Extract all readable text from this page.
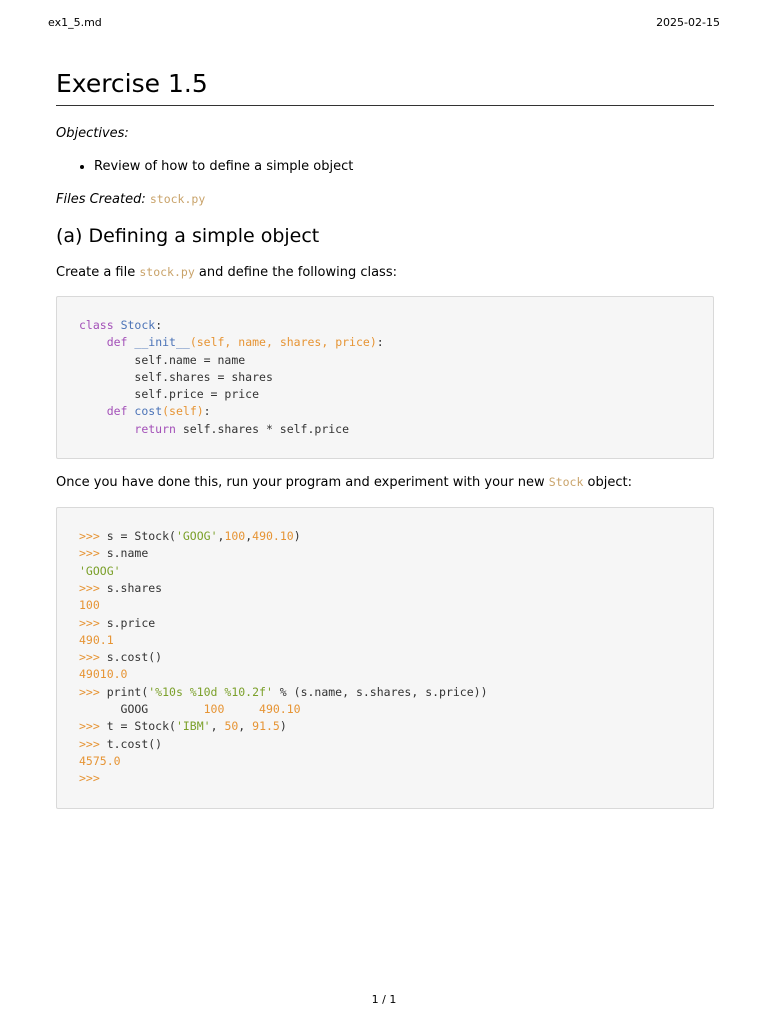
ex1_5.md	2025-02-15
Exercise 1.5

Objectives:

• Review of how to define a simple object

Files Created: stock.py

(a) Defining a simple object

Create a file stock.py and define the following class:

class Stock:
def __init__(self, name, shares, price):
self.name = name
self.shares = shares
self.price = price
def cost(self):
return self.shares * self.price

Once you have done this, run your program and experiment with your new Stock object:

>>> s = Stock('GOOG',100,490.10)
>>> s.name
'GOOG'
>>> s.shares
100
>>> s.price
490.1
>>> s.cost()
49010.0
>>> print('%10s %10d %10.2f' % (s.name, s.shares, s.price))
GOOG        100	490.10
>>> t = Stock('IBM', 50, 91.5)
>>> t.cost()
4575.0
>>>
1 / 1
